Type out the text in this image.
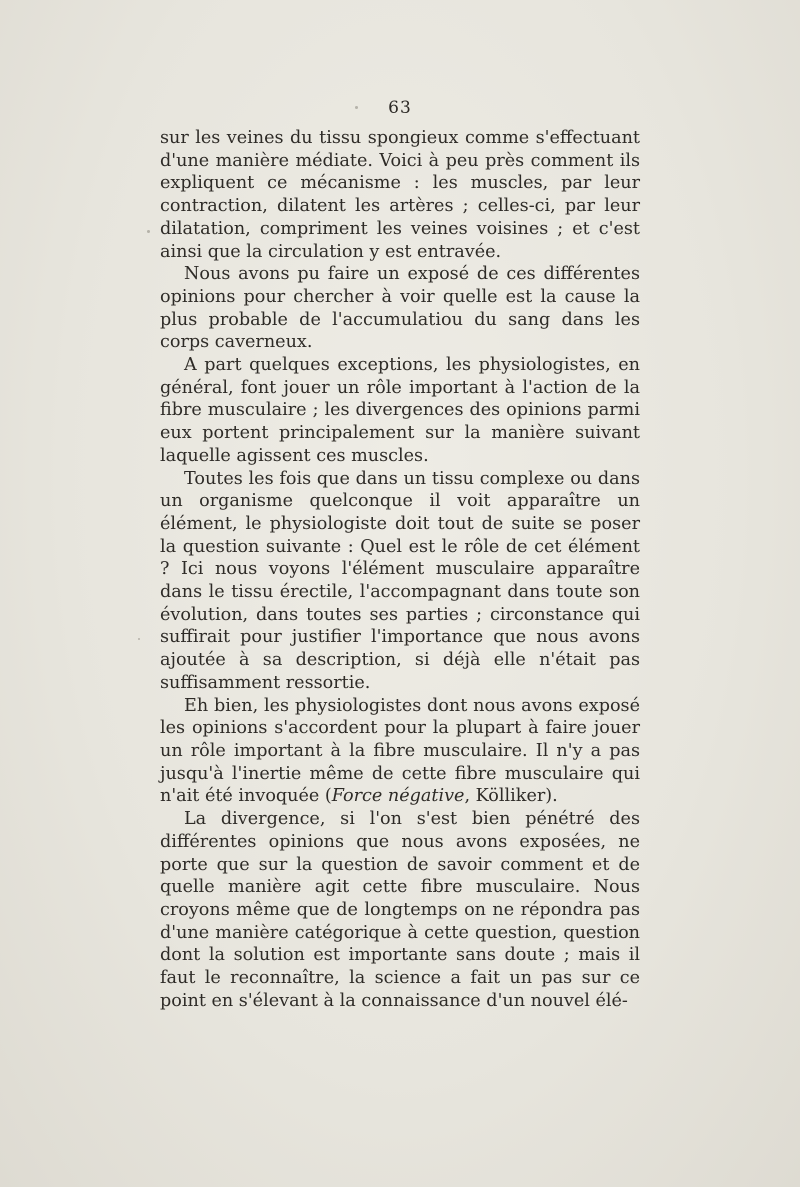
63

sur les veines du tissu spongieux comme s'effectuant d'une manière médiate. Voici à peu près comment ils expliquent ce mécanisme : les muscles, par leur contraction, dilatent les artères ; celles-ci, par leur dilatation, compriment les veines voisines ; et c'est ainsi que la circulation y est entravée.

Nous avons pu faire un exposé de ces différentes opinions pour chercher à voir quelle est la cause la plus probable de l'accumulatiou du sang dans les corps caverneux.

A part quelques exceptions, les physiologistes, en général, font jouer un rôle important à l'action de la fibre musculaire ; les divergences des opinions parmi eux portent principalement sur la manière suivant laquelle agissent ces muscles.

Toutes les fois que dans un tissu complexe ou dans un organisme quelconque il voit apparaître un élément, le physiologiste doit tout de suite se poser la question suivante : Quel est le rôle de cet élément ? Ici nous voyons l'élément musculaire apparaître dans le tissu érectile, l'accompagnant dans toute son évolution, dans toutes ses parties ; circonstance qui suffirait pour justifier l'importance que nous avons ajoutée à sa description, si déjà elle n'était pas suffisamment ressortie.

Eh bien, les physiologistes dont nous avons exposé les opinions s'accordent pour la plupart à faire jouer un rôle important à la fibre musculaire. Il n'y a pas jusqu'à l'inertie même de cette fibre musculaire qui n'ait été invoquée (Force négative, Kölliker).

La divergence, si l'on s'est bien pénétré des différentes opinions que nous avons exposées, ne porte que sur la question de savoir comment et de quelle manière agit cette fibre musculaire. Nous croyons même que de longtemps on ne répondra pas d'une manière catégorique à cette question, question dont la solution est importante sans doute ; mais il faut le reconnaître, la science a fait un pas sur ce point en s'élevant à la connaissance d'un nouvel élé-
